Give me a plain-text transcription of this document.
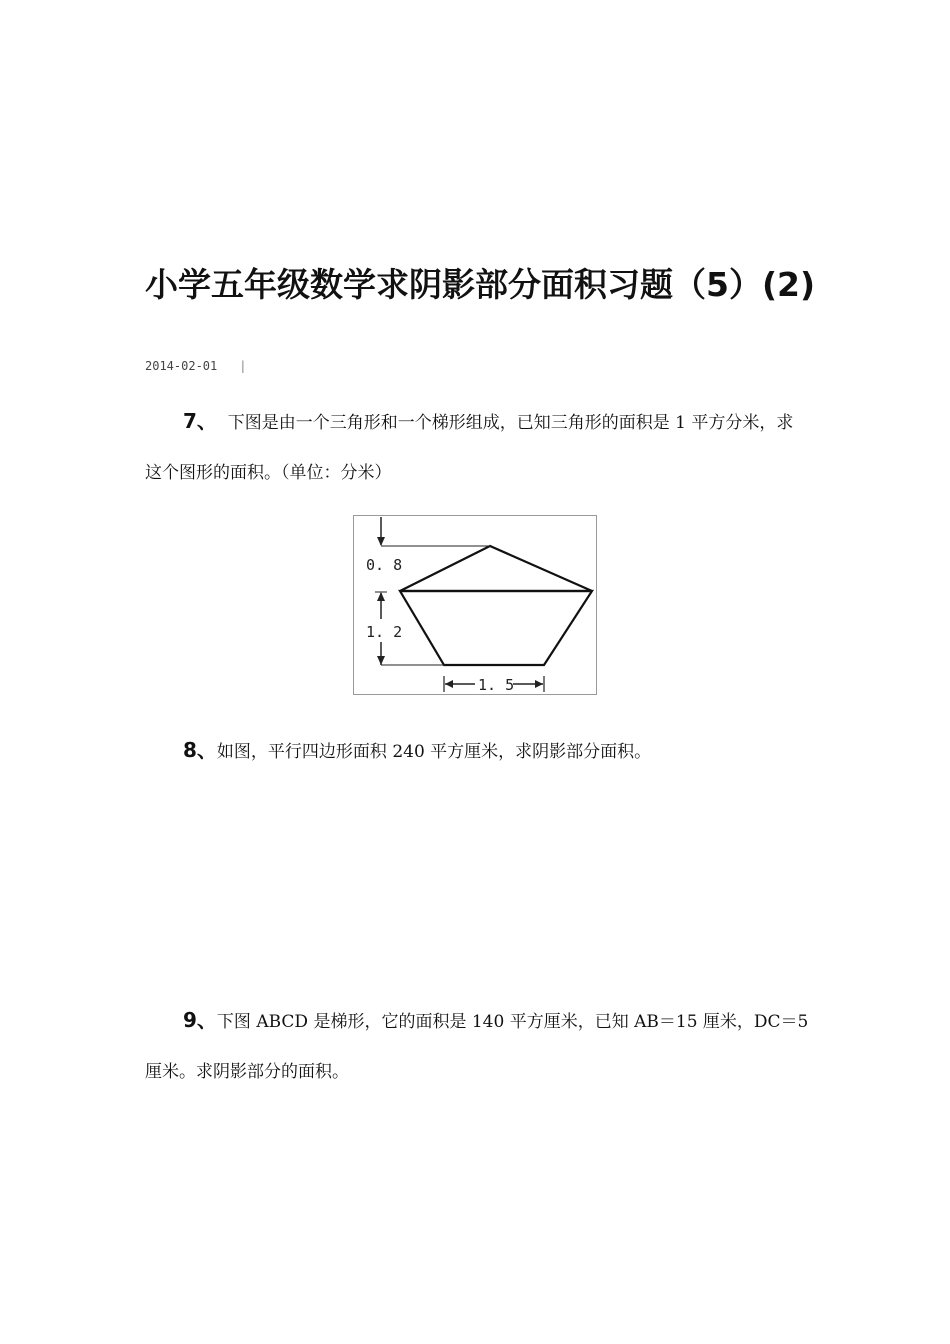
小学五年级数学求阴影部分面积习题（5）(2)
2014-02-01 |
7、 下图是由一个三角形和一个梯形组成，已知三角形的面积是 1 平方分米，求这个图形的面积。（单位：分米）
0. 8
1. 2
1. 5
8、如图，平行四边形面积 240 平方厘米，求阴影部分面积。
9、下图 ABCD 是梯形，它的面积是 140 平方厘米，已知 AB＝15 厘米，DC＝5 厘米。求阴影部分的面积。
